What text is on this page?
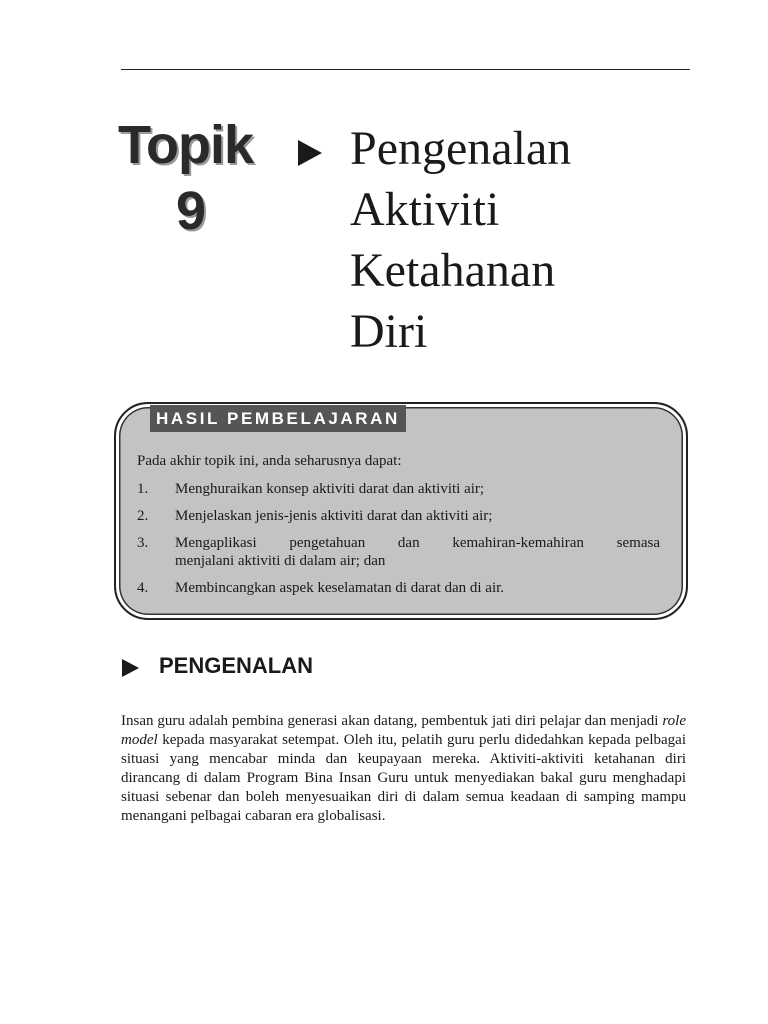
Topik
9
Pengenalan
Aktiviti
Ketahanan
Diri
HASIL PEMBELAJARAN
Pada akhir topik ini, anda seharusnya dapat:
1.	Menghuraikan konsep aktiviti darat dan aktiviti air;
2.	Menjelaskan jenis-jenis aktiviti darat dan aktiviti air;
3.	Mengaplikasi pengetahuan dan kemahiran-kemahiran semasa
menjalani aktiviti di dalam air; dan
4.	Membincangkan aspek keselamatan di darat dan di air.
PENGENALAN

Insan guru adalah pembina generasi akan datang, pembentuk jati diri pelajar dan menjadi role model kepada masyarakat setempat. Oleh itu, pelatih guru perlu didedahkan kepada pelbagai situasi yang mencabar minda dan keupayaan mereka. Aktiviti-aktiviti ketahanan diri dirancang di dalam Program Bina Insan Guru untuk menyediakan bakal guru menghadapi situasi sebenar dan boleh menyesuaikan diri di dalam semua keadaan di samping mampu menangani pelbagai cabaran era globalisasi.
